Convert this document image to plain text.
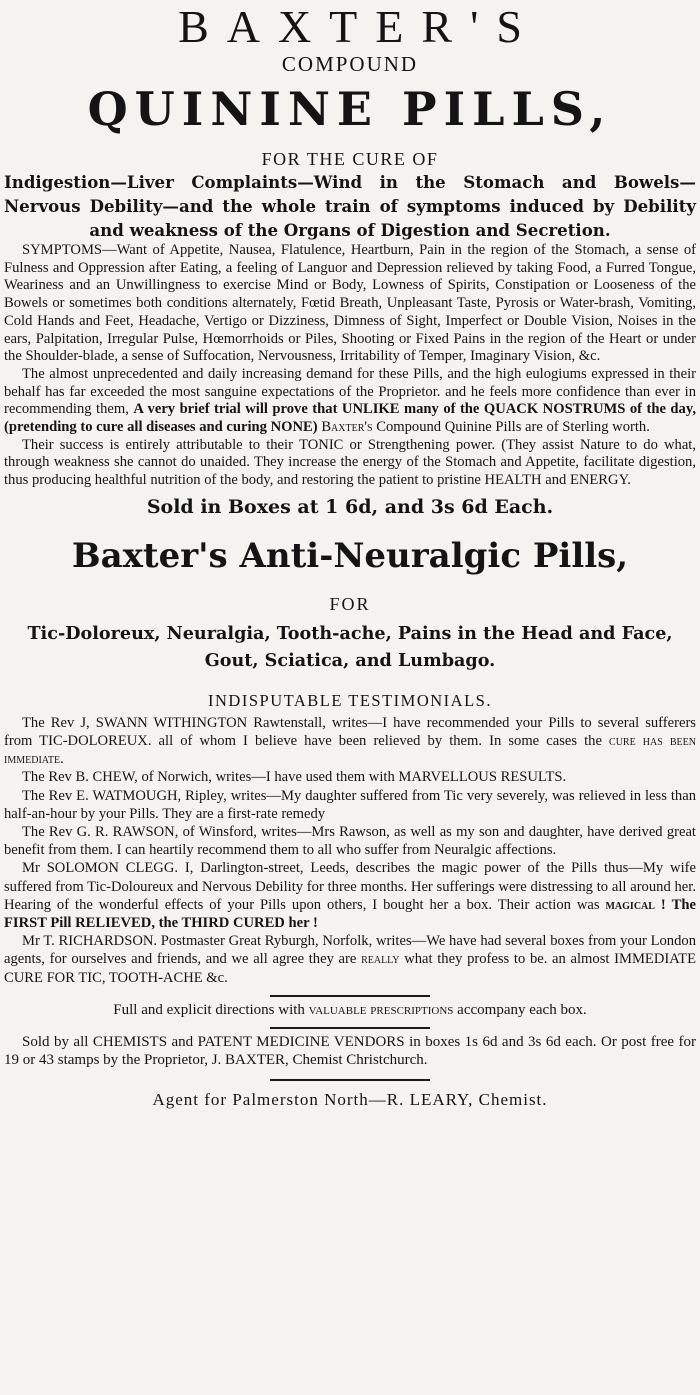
BAXTER'S
COMPOUND
QUININE PILLS,
FOR THE CURE OF
Indigestion—Liver Complaints—Wind in the Stomach and Bowels—Nervous Debility—and the whole train of symptoms induced by Debility and weakness of the Organs of Digestion and Secretion.

SYMPTOMS—Want of Appetite, Nausea, Flatulence, Heartburn, Pain in the region of the Stomach, a sense of Fulness and Oppression after Eating, a feeling of Languor and Depression relieved by taking Food, a Furred Tongue, Weariness and an Unwillingness to exercise Mind or Body, Lowness of Spirits, Constipation or Looseness of the Bowels or sometimes both conditions alternately, Fœtid Breath, Unpleasant Taste, Pyrosis or Water-brash, Vomiting, Cold Hands and Feet, Headache, Vertigo or Dizziness, Dimness of Sight, Imperfect or Double Vision, Noises in the ears, Palpitation, Irregular Pulse, Hœmorrhoids or Piles, Shooting or Fixed Pains in the region of the Heart or under the Shoulder-blade, a sense of Suffocation, Nervousness, Irritability of Temper, Imaginary Vision, &c.

The almost unprecedented and daily increasing demand for these Pills, and the high eulogiums expressed in their behalf has far exceeded the most sanguine expectations of the Proprietor. and he feels more confidence than ever in recommending them, A very brief trial will prove that UNLIKE many of the QUACK NOSTRUMS of the day, (pretending to cure all diseases and curing NONE) Baxter's Compound Quinine Pills are of Sterling worth.

Their success is entirely attributable to their TONIC or Strengthening power. (They assist Nature to do what, through weakness she cannot do unaided. They increase the energy of the Stomach and Appetite, facilitate digestion, thus producing healthful nutrition of the body, and restoring the patient to pristine HEALTH and ENERGY.

Sold in Boxes at 1 6d, and 3s 6d Each.
Baxter's Anti-Neuralgic Pills,
FOR
Tic-Doloreux, Neuralgia, Tooth-ache, Pains in the Head and Face, Gout, Sciatica, and Lumbago.
INDISPUTABLE TESTIMONIALS.

The Rev J, SWANN WITHINGTON Rawtenstall, writes—I have recommended your Pills to several sufferers from TIC-DOLOREUX. all of whom I believe have been relieved by them. In some cases the cure has been immediate.

The Rev B. CHEW, of Norwich, writes—I have used them with MARVELLOUS RESULTS.

The Rev E. WATMOUGH, Ripley, writes—My daughter suffered from Tic very severely, was relieved in less than half-an-hour by your Pills. They are a first-rate remedy

The Rev G. R. RAWSON, of Winsford, writes—Mrs Rawson, as well as my son and daughter, have derived great benefit from them. I can heartily recommend them to all who suffer from Neuralgic affections.

Mr SOLOMON CLEGG. I, Darlington-street, Leeds, describes the magic power of the Pills thus—My wife suffered from Tic-Doloureux and Nervous Debility for three months. Her sufferings were distressing to all around her. Hearing of the wonderful effects of your Pills upon others, I bought her a box. Their action was magical ! The FIRST Pill RELIEVED, the THIRD CURED her !

Mr T. RICHARDSON. Postmaster Great Ryburgh, Norfolk, writes—We have had several boxes from your London agents, for ourselves and friends, and we all agree they are really what they profess to be. an almost IMMEDIATE CURE FOR TIC, TOOTH-ACHE &c.

Full and explicit directions with valuable prescriptions accompany each box.

Sold by all CHEMISTS and PATENT MEDICINE VENDORS in boxes 1s 6d and 3s 6d each. Or post free for 19 or 43 stamps by the Proprietor, J. BAXTER, Chemist Christchurch.

Agent for Palmerston North—R. LEARY, Chemist.
